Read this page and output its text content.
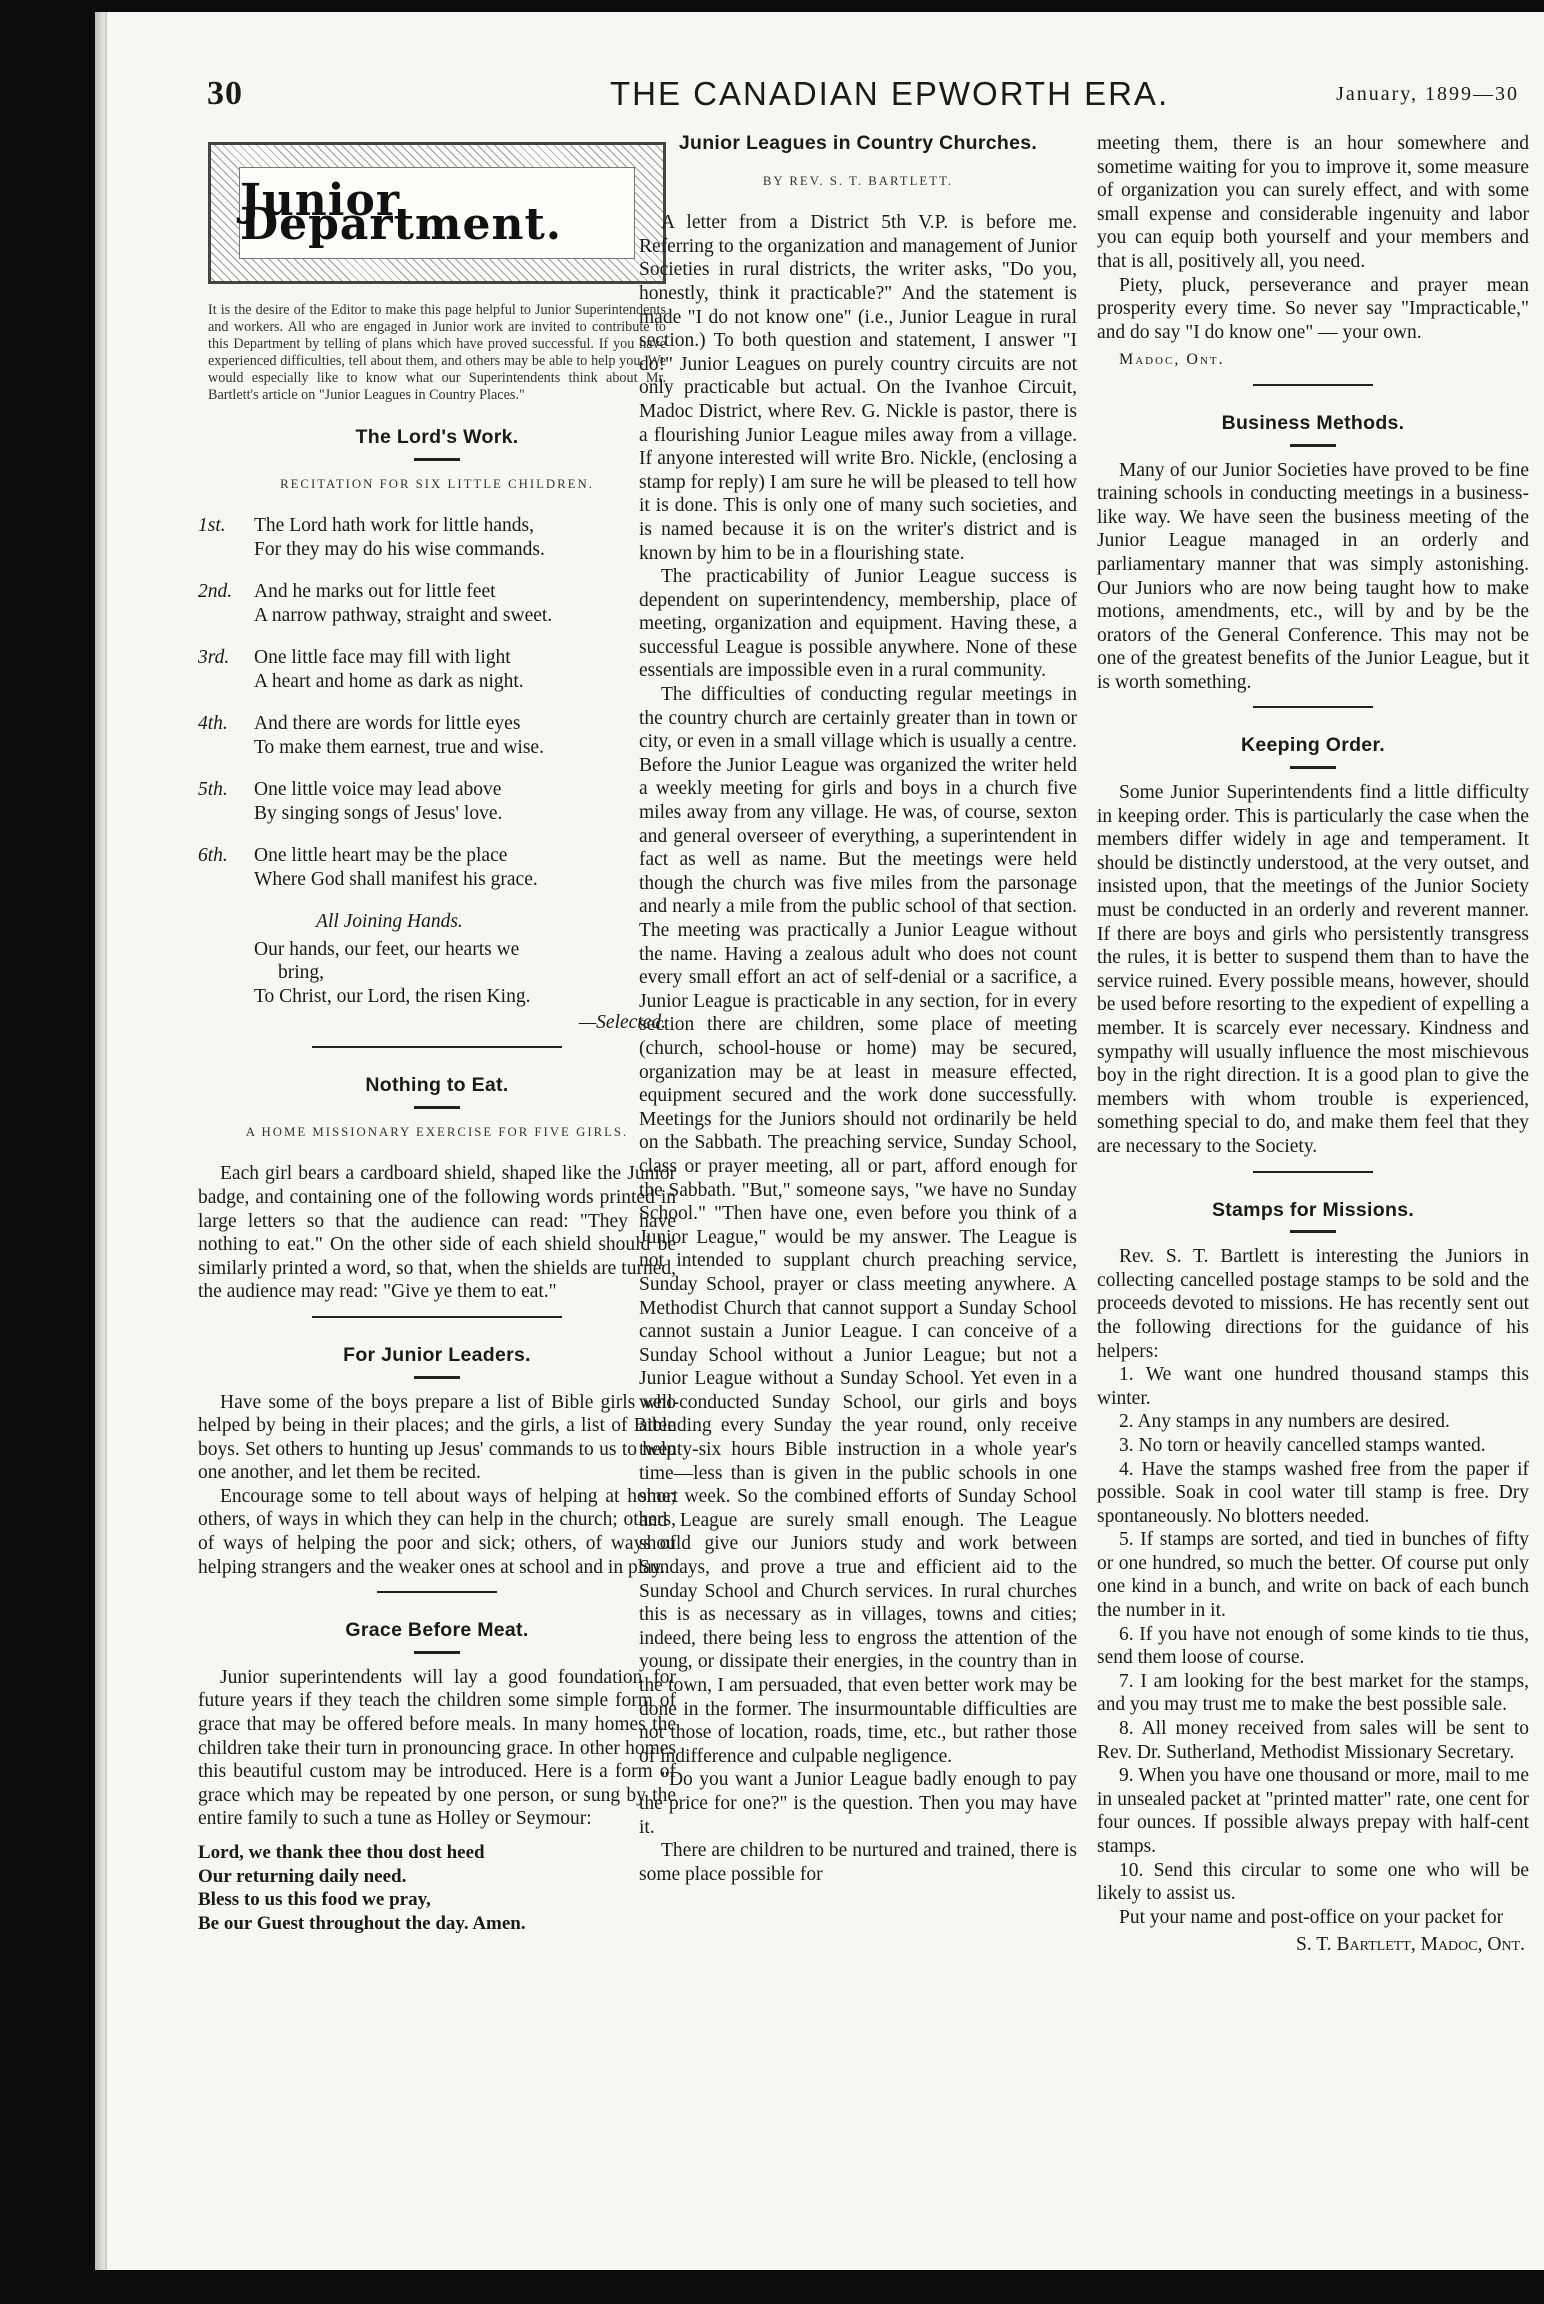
30	THE CANADIAN EPWORTH ERA.	January, 1899—30
Junior Department.
It is the desire of the Editor to make this page helpful to Junior Superintendents and workers. All who are engaged in Junior work are invited to contribute to this Department by telling of plans which have proved successful. If you have experienced difficulties, tell about them, and others may be able to help you. We would especially like to know what our Superintendents think about Mr. Bartlett's article on "Junior Leagues in Country Places."
The Lord's Work.
RECITATION FOR SIX LITTLE CHILDREN.
1st.	The Lord hath work for little hands,
For they may do his wise commands.
2nd.	And he marks out for little feet
A narrow pathway, straight and sweet.
3rd.	One little face may fill with light
A heart and home as dark as night.
4th.	And there are words for little eyes
To make them earnest, true and wise.
5th.	One little voice may lead above
By singing songs of Jesus' love.
6th.	One little heart may be the place
Where God shall manifest his grace.
All Joining Hands.
Our hands, our feet, our hearts we
bring,
To Christ, our Lord, the risen King.
—Selected.
Nothing to Eat.
A HOME MISSIONARY EXERCISE FOR FIVE GIRLS.

Each girl bears a cardboard shield, shaped like the Junior badge, and containing one of the following words printed in large letters so that the audience can read: "They have nothing to eat." On the other side of each shield should be similarly printed a word, so that, when the shields are turned, the audience may read: "Give ye them to eat."

For Junior Leaders.

Have some of the boys prepare a list of Bible girls who helped by being in their places; and the girls, a list of Bible boys. Set others to hunting up Jesus' commands to us to help one another, and let them be recited.

Encourage some to tell about ways of helping at home; others, of ways in which they can help in the church; others, of ways of helping the poor and sick; others, of ways of helping strangers and the weaker ones at school and in play.

Grace Before Meat.

Junior superintendents will lay a good foundation for future years if they teach the children some simple form of grace that may be offered before meals. In many homes the children take their turn in pronouncing grace. In other homes this beautiful custom may be introduced. Here is a form of grace which may be repeated by one person, or sung by the entire family to such a tune as Holley or Seymour:

Lord, we thank thee thou dost heed
Our returning daily need.
Bless to us this food we pray,
Be our Guest throughout the day. Amen.
Junior Leagues in Country Churches.
BY REV. S. T. BARTLETT.

A letter from a District 5th V.P. is before me. Referring to the organization and management of Junior Societies in rural districts, the writer asks, "Do you, honestly, think it practicable?" And the statement is made "I do not know one" (i.e., Junior League in rural section.) To both question and statement, I answer "I do!" Junior Leagues on purely country circuits are not only practicable but actual. On the Ivanhoe Circuit, Madoc District, where Rev. G. Nickle is pastor, there is a flourishing Junior League miles away from a village. If anyone interested will write Bro. Nickle, (enclosing a stamp for reply) I am sure he will be pleased to tell how it is done. This is only one of many such societies, and is named because it is on the writer's district and is known by him to be in a flourishing state.

The practicability of Junior League success is dependent on superintendency, membership, place of meeting, organization and equipment. Having these, a successful League is possible anywhere. None of these essentials are impossible even in a rural community.

The difficulties of conducting regular meetings in the country church are certainly greater than in town or city, or even in a small village which is usually a centre. Before the Junior League was organized the writer held a weekly meeting for girls and boys in a church five miles away from any village. He was, of course, sexton and general overseer of everything, a superintendent in fact as well as name. But the meetings were held though the church was five miles from the parsonage and nearly a mile from the public school of that section. The meeting was practically a Junior League without the name. Having a zealous adult who does not count every small effort an act of self-denial or a sacrifice, a Junior League is practicable in any section, for in every section there are children, some place of meeting (church, school-house or home) may be secured, organization may be at least in measure effected, equipment secured and the work done successfully. Meetings for the Juniors should not ordinarily be held on the Sabbath. The preaching service, Sunday School, class or prayer meeting, all or part, afford enough for the Sabbath. "But," someone says, "we have no Sunday School." "Then have one, even before you think of a Junior League," would be my answer. The League is not intended to supplant church preaching service, Sunday School, prayer or class meeting anywhere. A Methodist Church that cannot support a Sunday School cannot sustain a Junior League. I can conceive of a Sunday School without a Junior League; but not a Junior League without a Sunday School. Yet even in a well-conducted Sunday School, our girls and boys attending every Sunday the year round, only receive twenty-six hours Bible instruction in a whole year's time—less than is given in the public schools in one short week. So the combined efforts of Sunday School and League are surely small enough. The League should give our Juniors study and work between Sundays, and prove a true and efficient aid to the Sunday School and Church services. In rural churches this is as necessary as in villages, towns and cities; indeed, there being less to engross the attention of the young, or dissipate their energies, in the country than in the town, I am persuaded, that even better work may be done in the former. The insurmountable difficulties are not those of location, roads, time, etc., but rather those of indifference and culpable negligence.

"Do you want a Junior League badly enough to pay the price for one?" is the question. Then you may have it.

There are children to be nurtured and trained, there is some place possible for

meeting them, there is an hour somewhere and sometime waiting for you to improve it, some measure of organization you can surely effect, and with some small expense and considerable ingenuity and labor you can equip both yourself and your members and that is all, positively all, you need.

Piety, pluck, perseverance and prayer mean prosperity every time. So never say "Impracticable," and do say "I do know one" — your own.

Madoc, Ont.
Business Methods.

Many of our Junior Societies have proved to be fine training schools in conducting meetings in a business-like way. We have seen the business meeting of the Junior League managed in an orderly and parliamentary manner that was simply astonishing. Our Juniors who are now being taught how to make motions, amendments, etc., will by and by be the orators of the General Conference. This may not be one of the greatest benefits of the Junior League, but it is worth something.

Keeping Order.

Some Junior Superintendents find a little difficulty in keeping order. This is particularly the case when the members differ widely in age and temperament. It should be distinctly understood, at the very outset, and insisted upon, that the meetings of the Junior Society must be conducted in an orderly and reverent manner. If there are boys and girls who persistently transgress the rules, it is better to suspend them than to have the service ruined. Every possible means, however, should be used before resorting to the expedient of expelling a member. It is scarcely ever necessary. Kindness and sympathy will usually influence the most mischievous boy in the right direction. It is a good plan to give the members with whom trouble is experienced, something special to do, and make them feel that they are necessary to the Society.

Stamps for Missions.

Rev. S. T. Bartlett is interesting the Juniors in collecting cancelled postage stamps to be sold and the proceeds devoted to missions. He has recently sent out the following directions for the guidance of his helpers:

1. We want one hundred thousand stamps this winter.

2. Any stamps in any numbers are desired.

3. No torn or heavily cancelled stamps wanted.

4. Have the stamps washed free from the paper if possible. Soak in cool water till stamp is free. Dry spontaneously. No blotters needed.

5. If stamps are sorted, and tied in bunches of fifty or one hundred, so much the better. Of course put only one kind in a bunch, and write on back of each bunch the number in it.

6. If you have not enough of some kinds to tie thus, send them loose of course.

7. I am looking for the best market for the stamps, and you may trust me to make the best possible sale.

8. All money received from sales will be sent to Rev. Dr. Sutherland, Methodist Missionary Secretary.

9. When you have one thousand or more, mail to me in unsealed packet at "printed matter" rate, one cent for four ounces. If possible always prepay with half-cent stamps.

10. Send this circular to some one who will be likely to assist us.

Put your name and post-office on your packet for

S. T. Bartlett, Madoc, Ont.
